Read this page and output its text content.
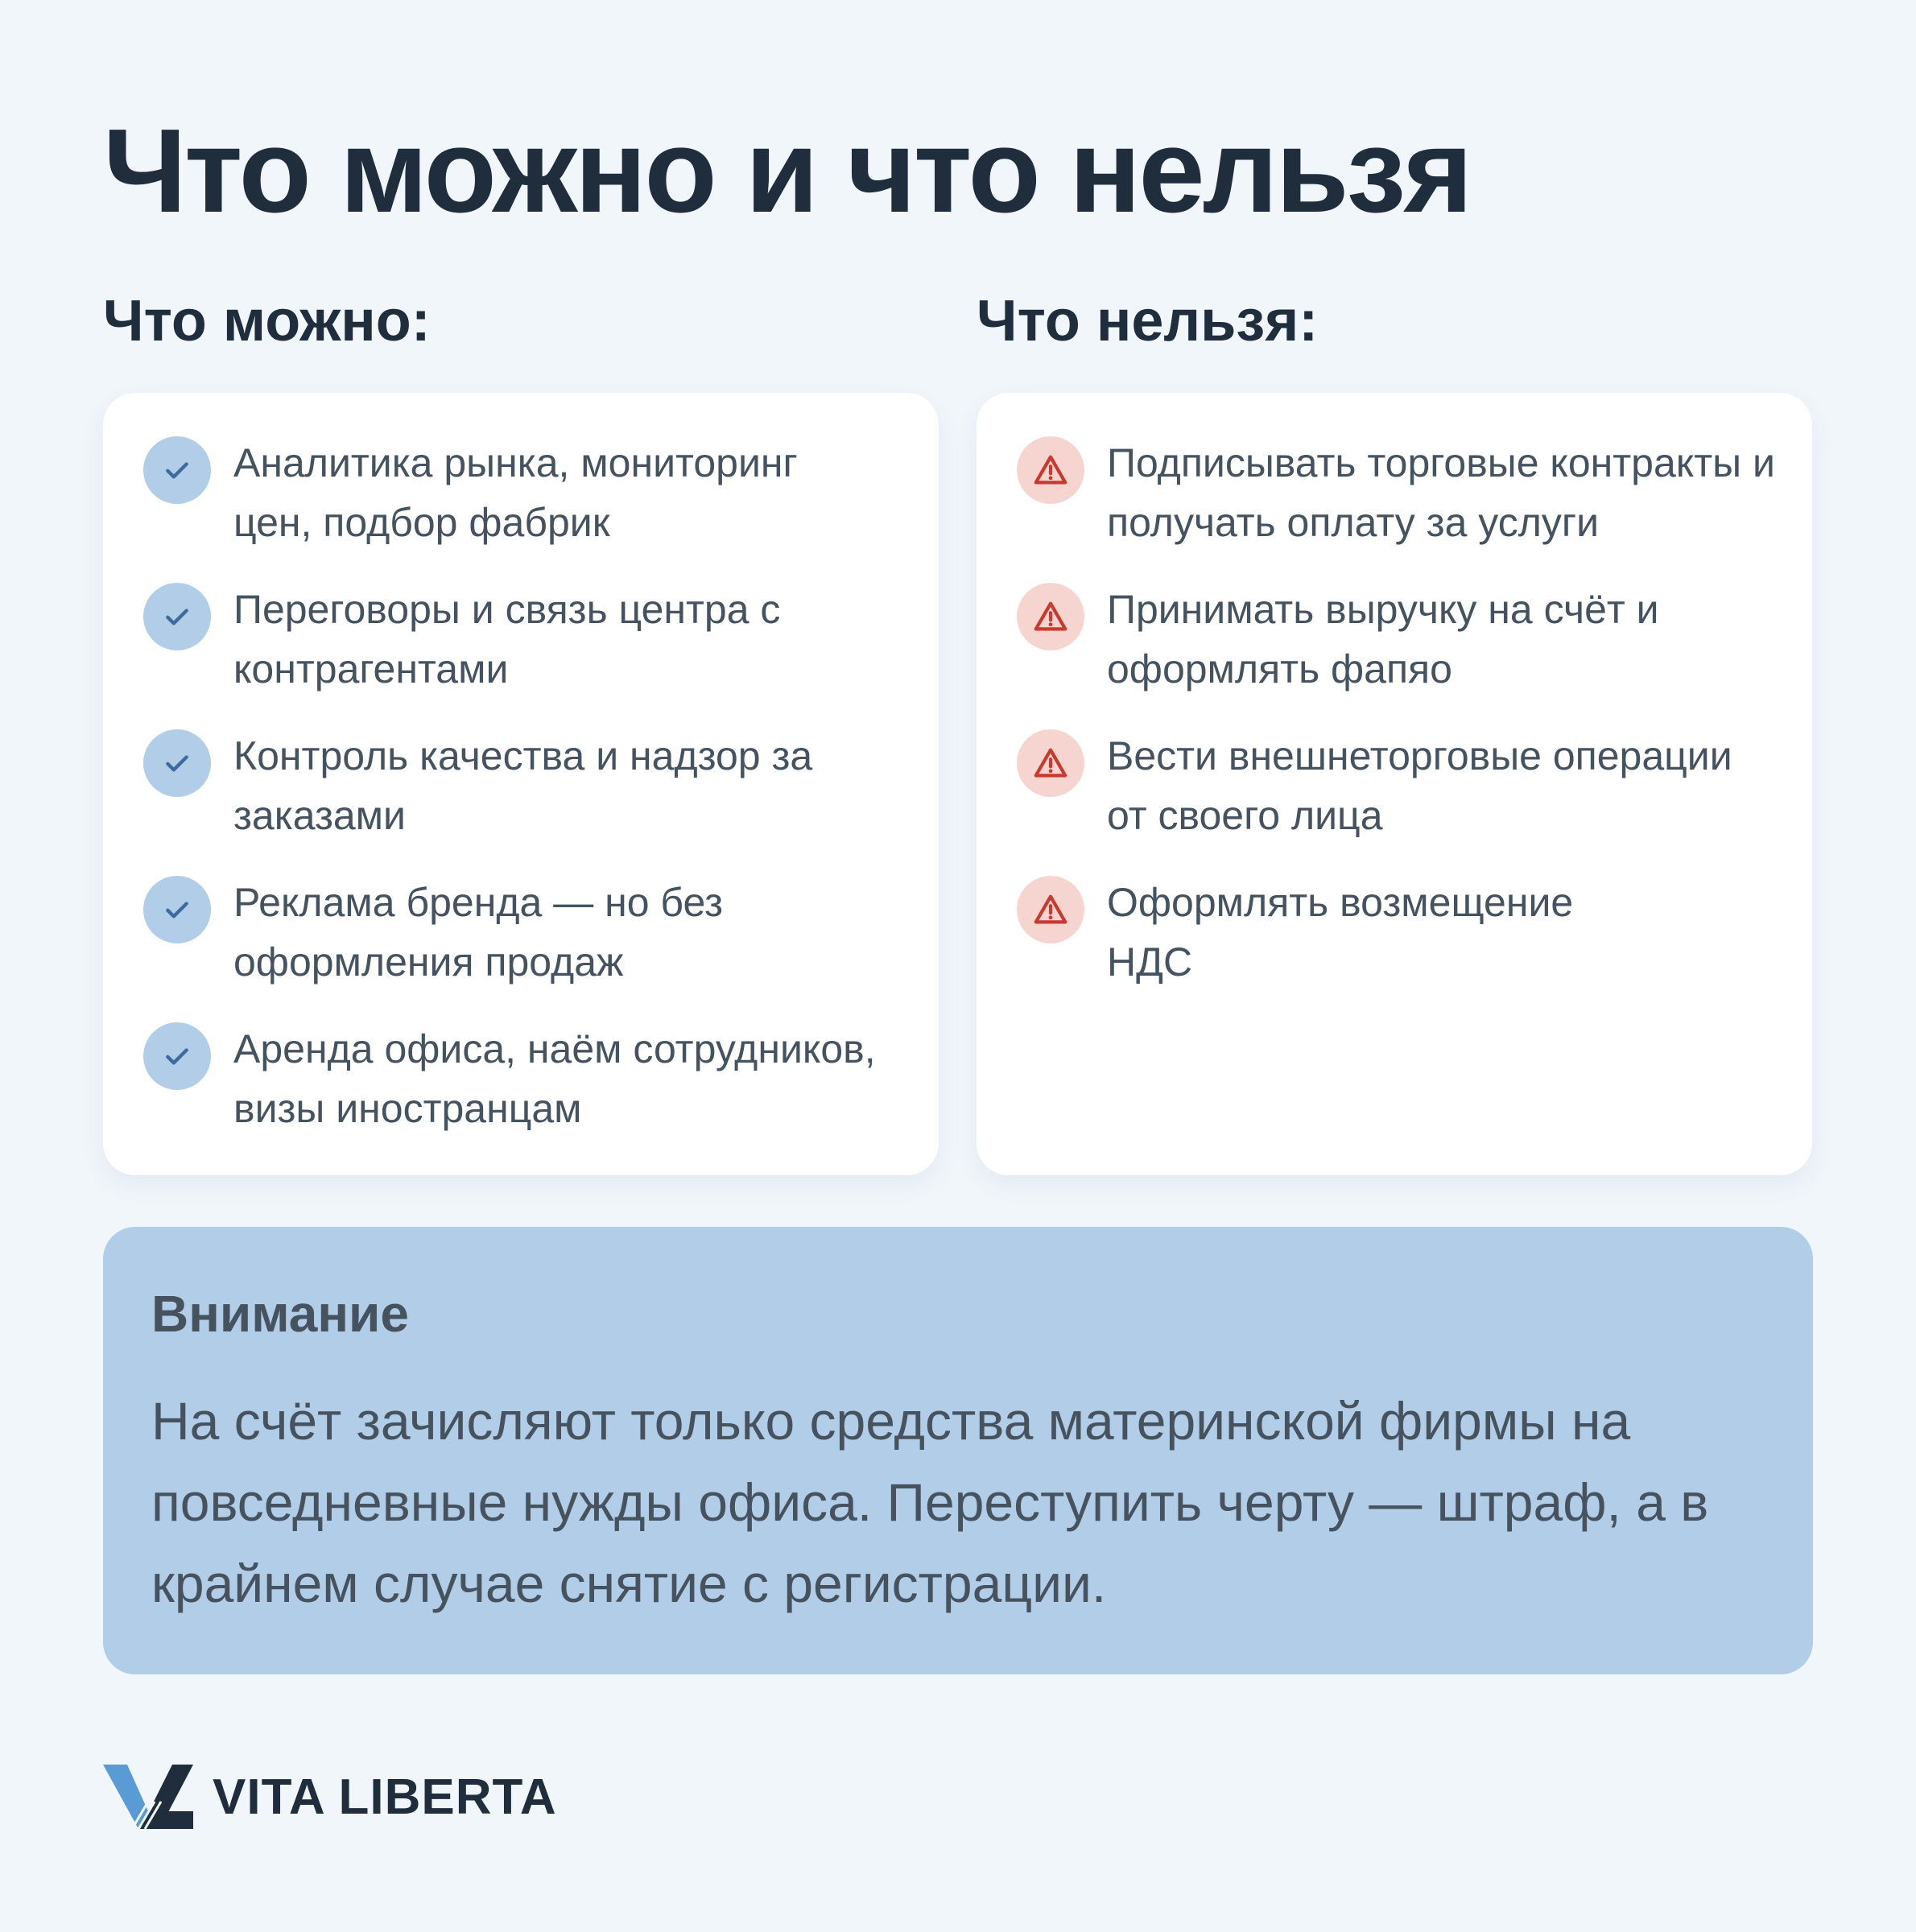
Что можно и что нельзя
Что можно:	Что нельзя:
Аналитика рынка, мониторинг цен, подбор фабрик
Переговоры и связь центра с контрагентами
Контроль качества и надзор за заказами
Реклама бренда — но без оформления продаж
Аренда офиса, наём сотрудников, визы иностранцам
Подписывать торговые контракты и получать оплату за услуги
Принимать выручку на счёт и оформлять фапяо
Вести внешнеторговые операции от своего лица
Оформлять возмещение НДС
Внимание

На счёт зачисляют только средства материнской фирмы на повседневные нужды офиса. Переступить черту — штраф, а в крайнем случае снятие с регистрации.

VITA LIBERTA
